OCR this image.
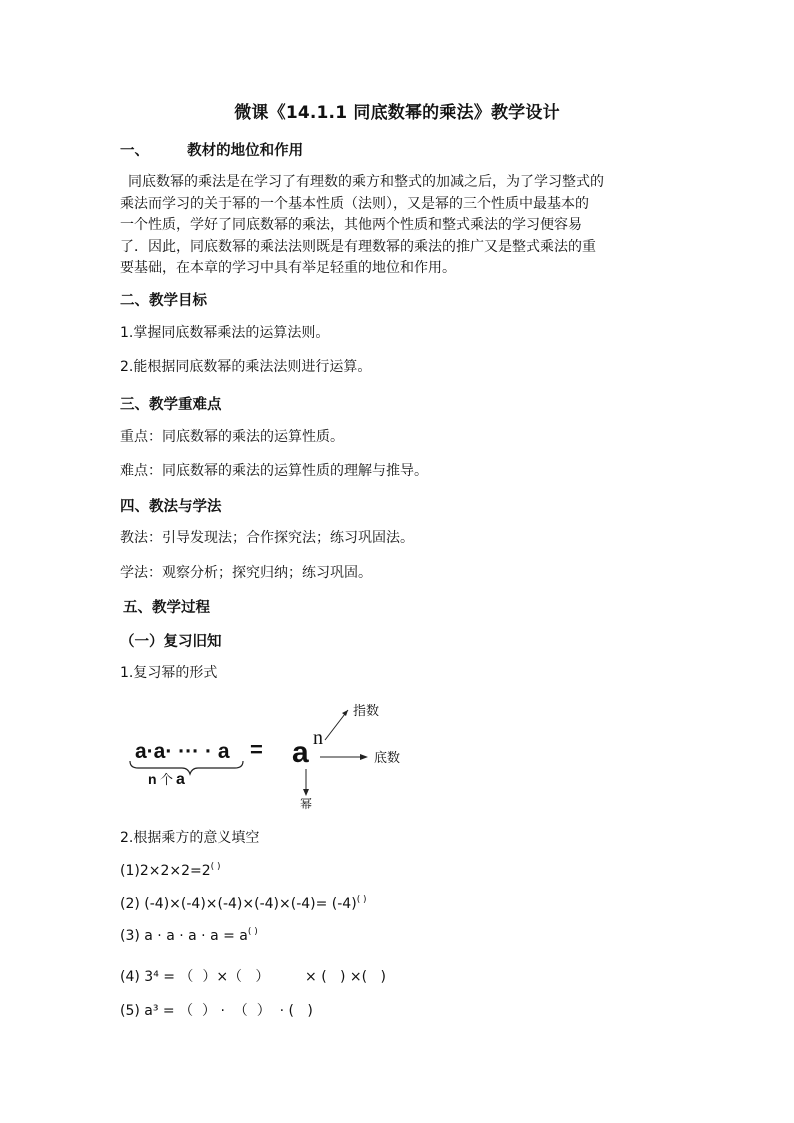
微课《14.1.1 同底数幂的乘法》教学设计
一、	教材的地位和作用
同底数幂的乘法是在学习了有理数的乘方和整式的加减之后，为了学习整式的
乘法而学习的关于幂的一个基本性质（法则），又是幂的三个性质中最基本的
一个性质，学好了同底数幂的乘法，其他两个性质和整式乘法的学习便容易
了．因此，同底数幂的乘法法则既是有理数幂的乘法的推广又是整式乘法的重
要基础，在本章的学习中具有举足轻重的地位和作用。
二、教学目标
1.掌握同底数幂乘法的运算法则。
2.能根据同底数幂的乘法法则进行运算。
三、教学重难点
重点：同底数幂的乘法的运算性质。
难点：同底数幂的乘法的运算性质的理解与推导。
四、教法与学法
教法：引导发现法；合作探究法；练习巩固法。
学法：观察分析；探究归纳；练习巩固。
五、教学过程
（一）复习旧知
1.复习幂的形式
a·a· ··· · a =
n 个 a
a n
指数
底数
幂
2.根据乘方的意义填空
(1)2×2×2=2( )
(2) (-4)×(-4)×(-4)×(-4)×(-4)= (-4)( )
(3) a · a · a · a = a( )
(4) 3⁴ = （  ）×（   ）        × (   ) ×(   )
(5) a³ = （  ） ·  （  ）  · (   )
